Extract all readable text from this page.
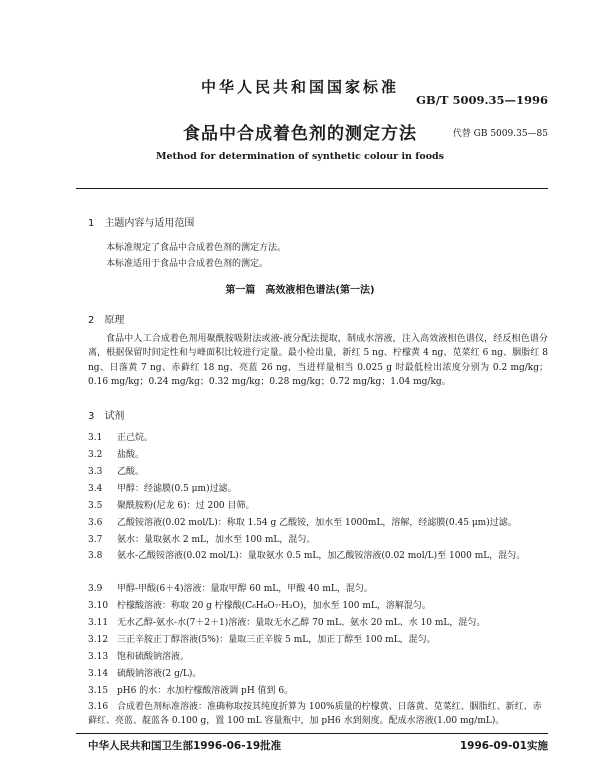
中华人民共和国国家标准
GB/T 5009.35—1996
食品中合成着色剂的测定方法	代替 GB 5009.35—85
Method for determination of synthetic colour in foods
1　主题内容与适用范围
本标准规定了食品中合成着色剂的测定方法。
本标准适用于食品中合成着色剂的测定。
第一篇　高效液相色谱法(第一法)
2　原理

食品中人工合成着色剂用聚酰胺吸附法或液-液分配法提取，制成水溶液，注入高效液相色谱仪，经反相色谱分离，根据保留时间定性和与峰面积比较进行定量。最小检出量，新红 5 ng、柠檬黄 4 ng、苋菜红 6 ng、胭脂红 8 ng、日落黄 7 ng、赤藓红 18 ng、亮蓝 26 ng，当进样量相当 0.025 g 时最低检出浓度分别为 0.2 mg/kg；0.16 mg/kg；0.24 mg/kg；0.32 mg/kg；0.28 mg/kg；0.72 mg/kg；1.04 mg/kg。

3　试剂
3.1 正己烷。
3.2 盐酸。
3.3 乙酸。
3.4 甲醇：经滤膜(0.5 μm)过滤。
3.5 聚酰胺粉(尼龙 6)：过 200 目筛。
3.6 乙酸铵溶液(0.02 mol/L)：称取 1.54 g 乙酸铵，加水至 1000mL，溶解，经滤膜(0.45 μm)过滤。
3.7 氨水：量取氨水 2 mL，加水至 100 mL，混匀。

3.8 氨水-乙酸铵溶液(0.02 mol/L)：量取氨水 0.5 mL，加乙酸铵溶液(0.02 mol/L)至 1000 mL，混匀。

3.9 甲醇-甲酸(6＋4)溶液：量取甲醇 60 mL，甲酸 40 mL，混匀。
3.10 柠檬酸溶液：称取 20 g 柠檬酸(C₆H₈O₇·H₂O)，加水至 100 mL，溶解混匀。
3.11 无水乙醇-氨水-水(7＋2＋1)溶液：量取无水乙醇 70 mL、氨水 20 mL、水 10 mL，混匀。
3.12 三正辛胺正丁醇溶液(5%)：量取三正辛胺 5 mL，加正丁醇至 100 mL，混匀。
3.13 饱和硫酸钠溶液。
3.14 硫酸钠溶液(2 g/L)。
3.15 pH6 的水：水加柠檬酸溶液调 pH 值到 6。

3.16 合成着色剂标准溶液：准确称取按其纯度折算为 100%质量的柠檬黄、日落黄、苋菜红、胭脂红、新红、赤藓红、亮蓝、靛蓝各 0.100 g，置 100 mL 容量瓶中，加 pH6 水到刻度。配成水溶液(1.00 mg/mL)。

中华人民共和国卫生部1996-06-19批准	1996-09-01实施
